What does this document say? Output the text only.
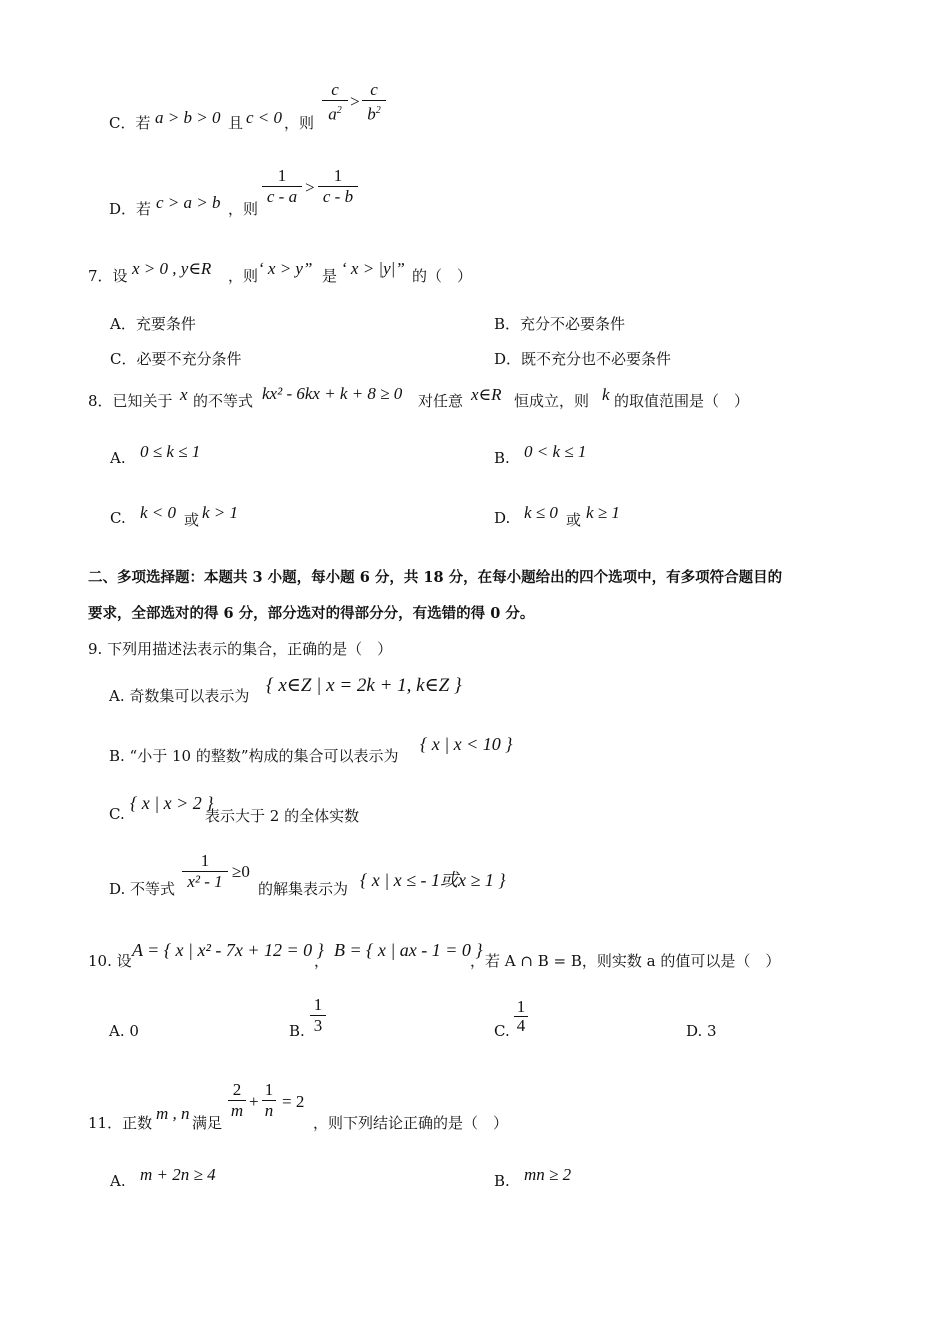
C．若 a > b > 0 且 c < 0 ，则
c
$a^2$ >
c
$b^2$
D．若 c > a > b ，则
1
c - a >
1
c - b
7．设 x > 0 , y∈R ，则 ‘ x > y” 是 ‘ x > |y|” 的（　）
A．充要条件	B．充分不必要条件
C．必要不充分条件	D．既不充分也不必要条件
8．已知关于 x 的不等式 kx² - 6kx + k + 8 ≥ 0 对任意 x∈R 恒成立，则 k 的取值范围是（　）
A. 0 ≤ k ≤ 1	B. 0 < k ≤ 1
C. k < 0 或 k > 1	D. k ≤ 0 或 k ≥ 1
二、多项选择题：本题共 3 小题，每小题 6 分，共 18 分，在每小题给出的四个选项中，有多项符合题目的
要求，全部选对的得 6 分，部分选对的得部分分，有选错的得 0 分。
9. 下列用描述法表示的集合，正确的是（　）
A. 奇数集可以表示为 { x∈Z | x = 2k + 1, k∈Z }
B. “小于 10 的整数”构成的集合可以表示为
{ x | x < 10 }
C.
{ x | x > 2 }
表示大于 2 的全体实数
D. 不等式
1
x² - 1
≥0
的解集表示为 { x | x ≤ - 1或x ≥ 1 }
10. 设
A = { x | x² - 7x + 12 = 0 }
，
B = { x | ax - 1 = 0 }
，若 A ∩ B = B，则实数 a 的值可以是（　）
A. 0	B.
1
3	C.
1
4	D. 3
11．正数 m , n 满足
2
m +
1
n = 2
，则下列结论正确的是（　）
A. m + 2n ≥ 4	B. mn ≥ 2
